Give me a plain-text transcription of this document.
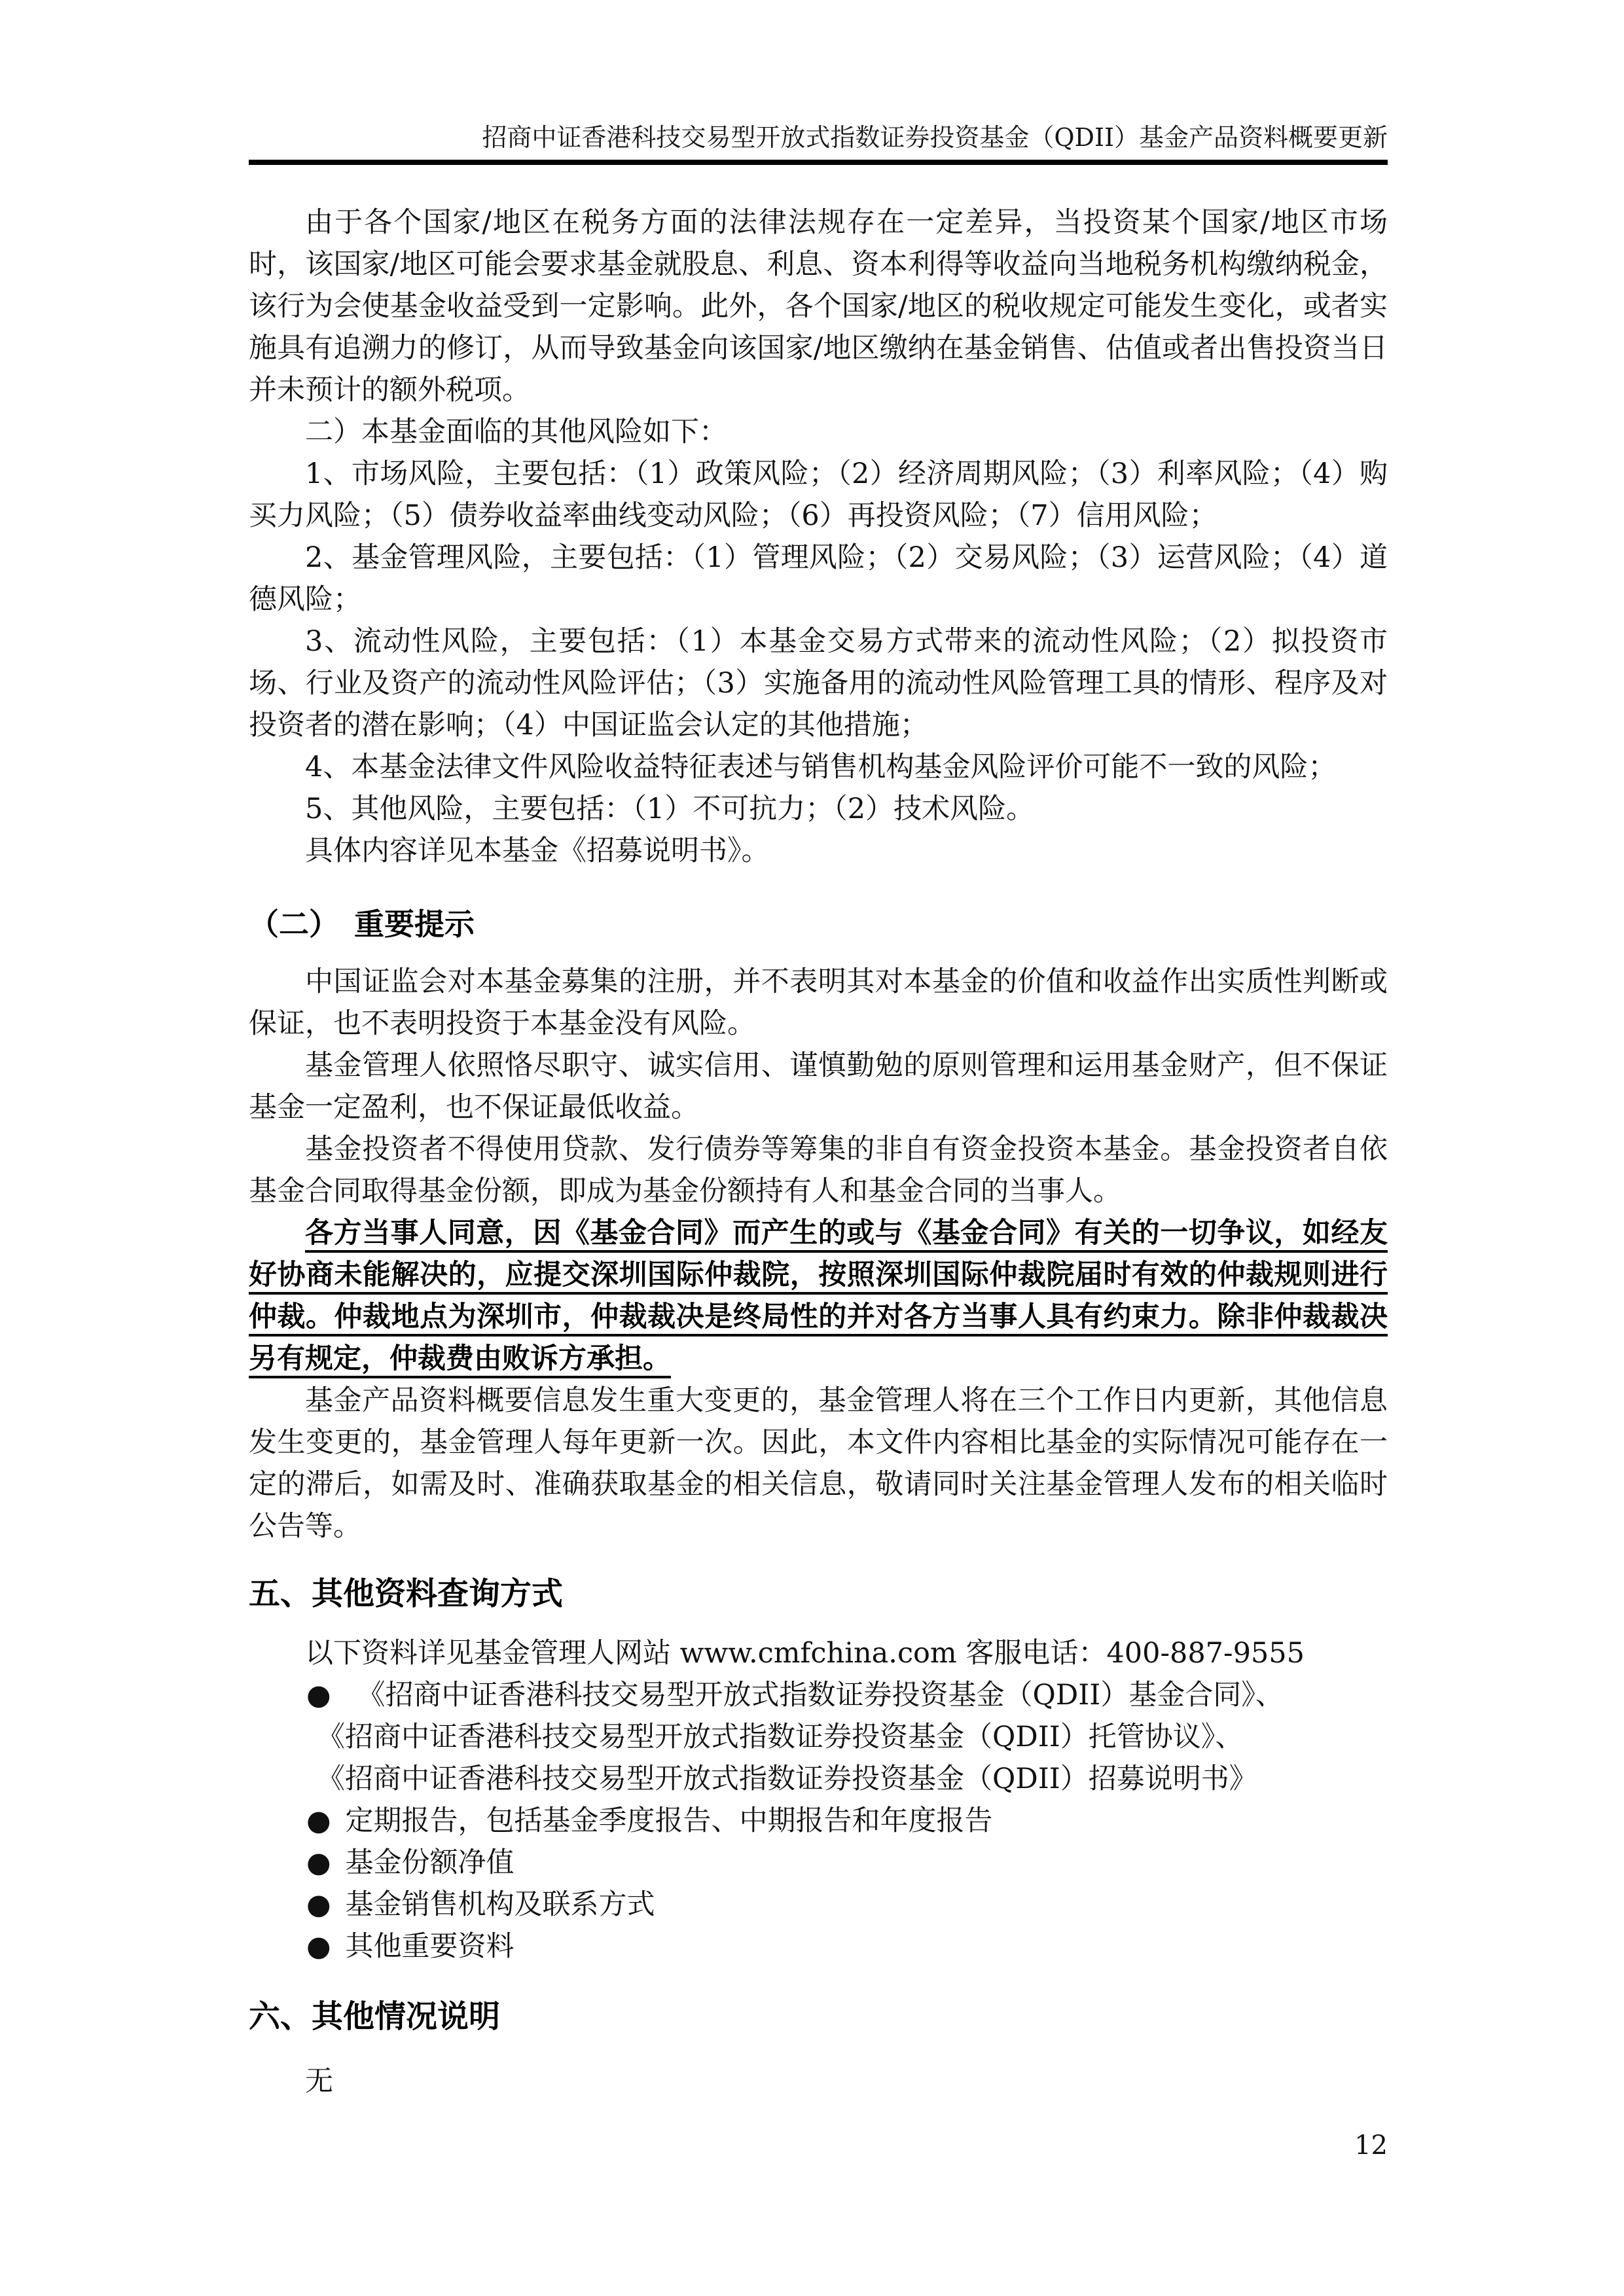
招商中证香港科技交易型开放式指数证券投资基金（QDII）基金产品资料概要更新

由于各个国家/地区在税务方面的法律法规存在一定差异，当投资某个国家/地区市场时，该国家/地区可能会要求基金就股息、利息、资本利得等收益向当地税务机构缴纳税金，该行为会使基金收益受到一定影响。此外，各个国家/地区的税收规定可能发生变化，或者实施具有追溯力的修订，从而导致基金向该国家/地区缴纳在基金销售、估值或者出售投资当日并未预计的额外税项。

二）本基金面临的其他风险如下：

1、市场风险，主要包括：（1）政策风险；（2）经济周期风险；（3）利率风险；（4）购买力风险；（5）债券收益率曲线变动风险；（6）再投资风险；（7）信用风险；

2、基金管理风险，主要包括：（1）管理风险；（2）交易风险；（3）运营风险；（4）道德风险；

3、流动性风险，主要包括：（1）本基金交易方式带来的流动性风险；（2）拟投资市场、行业及资产的流动性风险评估；（3）实施备用的流动性风险管理工具的情形、程序及对投资者的潜在影响；（4）中国证监会认定的其他措施；

4、本基金法律文件风险收益特征表述与销售机构基金风险评价可能不一致的风险；

5、其他风险，主要包括：（1）不可抗力；（2）技术风险。

具体内容详见本基金《招募说明书》。

（二）　重要提示

中国证监会对本基金募集的注册，并不表明其对本基金的价值和收益作出实质性判断或保证，也不表明投资于本基金没有风险。

基金管理人依照恪尽职守、诚实信用、谨慎勤勉的原则管理和运用基金财产，但不保证基金一定盈利，也不保证最低收益。

基金投资者不得使用贷款、发行债券等筹集的非自有资金投资本基金。基金投资者自依基金合同取得基金份额，即成为基金份额持有人和基金合同的当事人。

各方当事人同意，因《基金合同》而产生的或与《基金合同》有关的一切争议，如经友好协商未能解决的，应提交深圳国际仲裁院，按照深圳国际仲裁院届时有效的仲裁规则进行仲裁。仲裁地点为深圳市，仲裁裁决是终局性的并对各方当事人具有约束力。除非仲裁裁决另有规定，仲裁费由败诉方承担。

基金产品资料概要信息发生重大变更的，基金管理人将在三个工作日内更新，其他信息发生变更的，基金管理人每年更新一次。因此，本文件内容相比基金的实际情况可能存在一定的滞后，如需及时、准确获取基金的相关信息，敬请同时关注基金管理人发布的相关临时公告等。

五、其他资料查询方式

以下资料详见基金管理人网站 www.cmfchina.com 客服电话：400-887-9555

● 《招商中证香港科技交易型开放式指数证券投资基金（QDII）基金合同》、
《招商中证香港科技交易型开放式指数证券投资基金（QDII）托管协议》、
《招商中证香港科技交易型开放式指数证券投资基金（QDII）招募说明书》
● 定期报告，包括基金季度报告、中期报告和年度报告
● 基金份额净值
● 基金销售机构及联系方式
● 其他重要资料
六、其他情况说明

无

12
